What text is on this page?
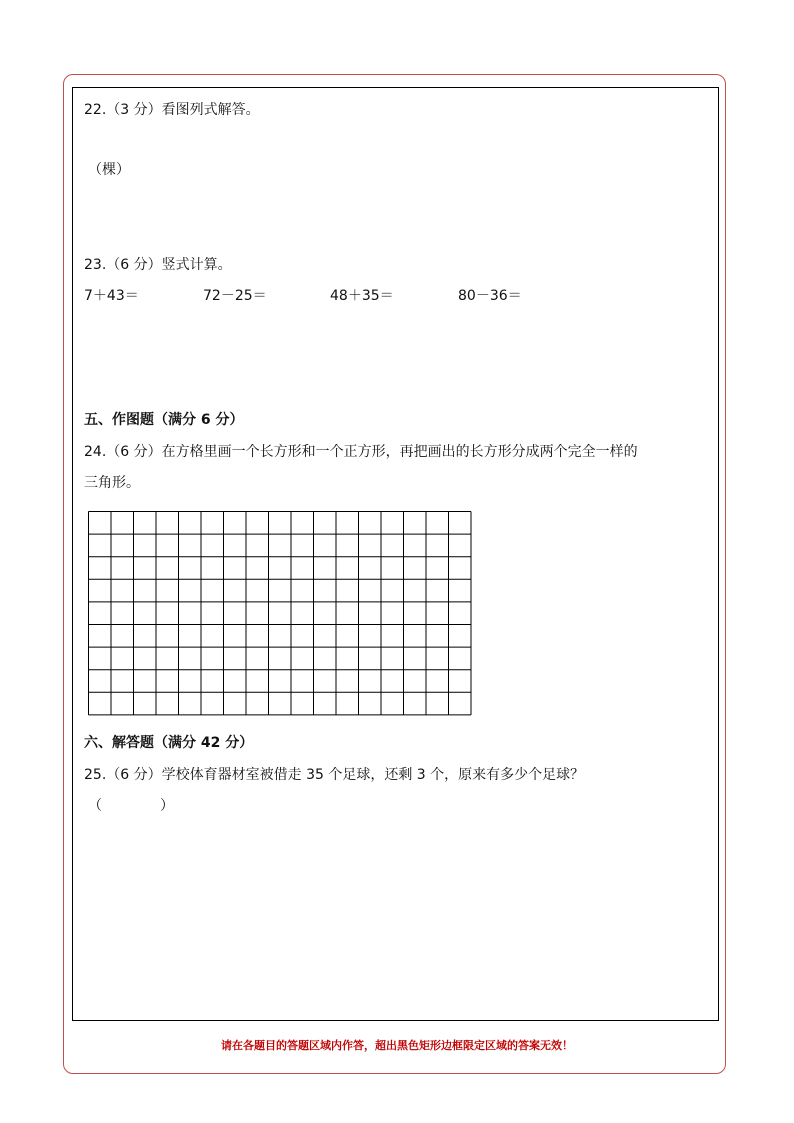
22.（3 分）看图列式解答。
（棵）
23.（6 分）竖式计算。
7＋43＝	72－25＝	48＋35＝	80－36＝
五、作图题（满分 6 分）
24.（6 分）在方格里画一个长方形和一个正方形，再把画出的长方形分成两个完全一样的
三角形。
六、解答题（满分 42 分）
25.（6 分）学校体育器材室被借走 35 个足球，还剩 3 个，原来有多少个足球？
（	）
请在各题目的答题区域内作答，超出黑色矩形边框限定区域的答案无效！
